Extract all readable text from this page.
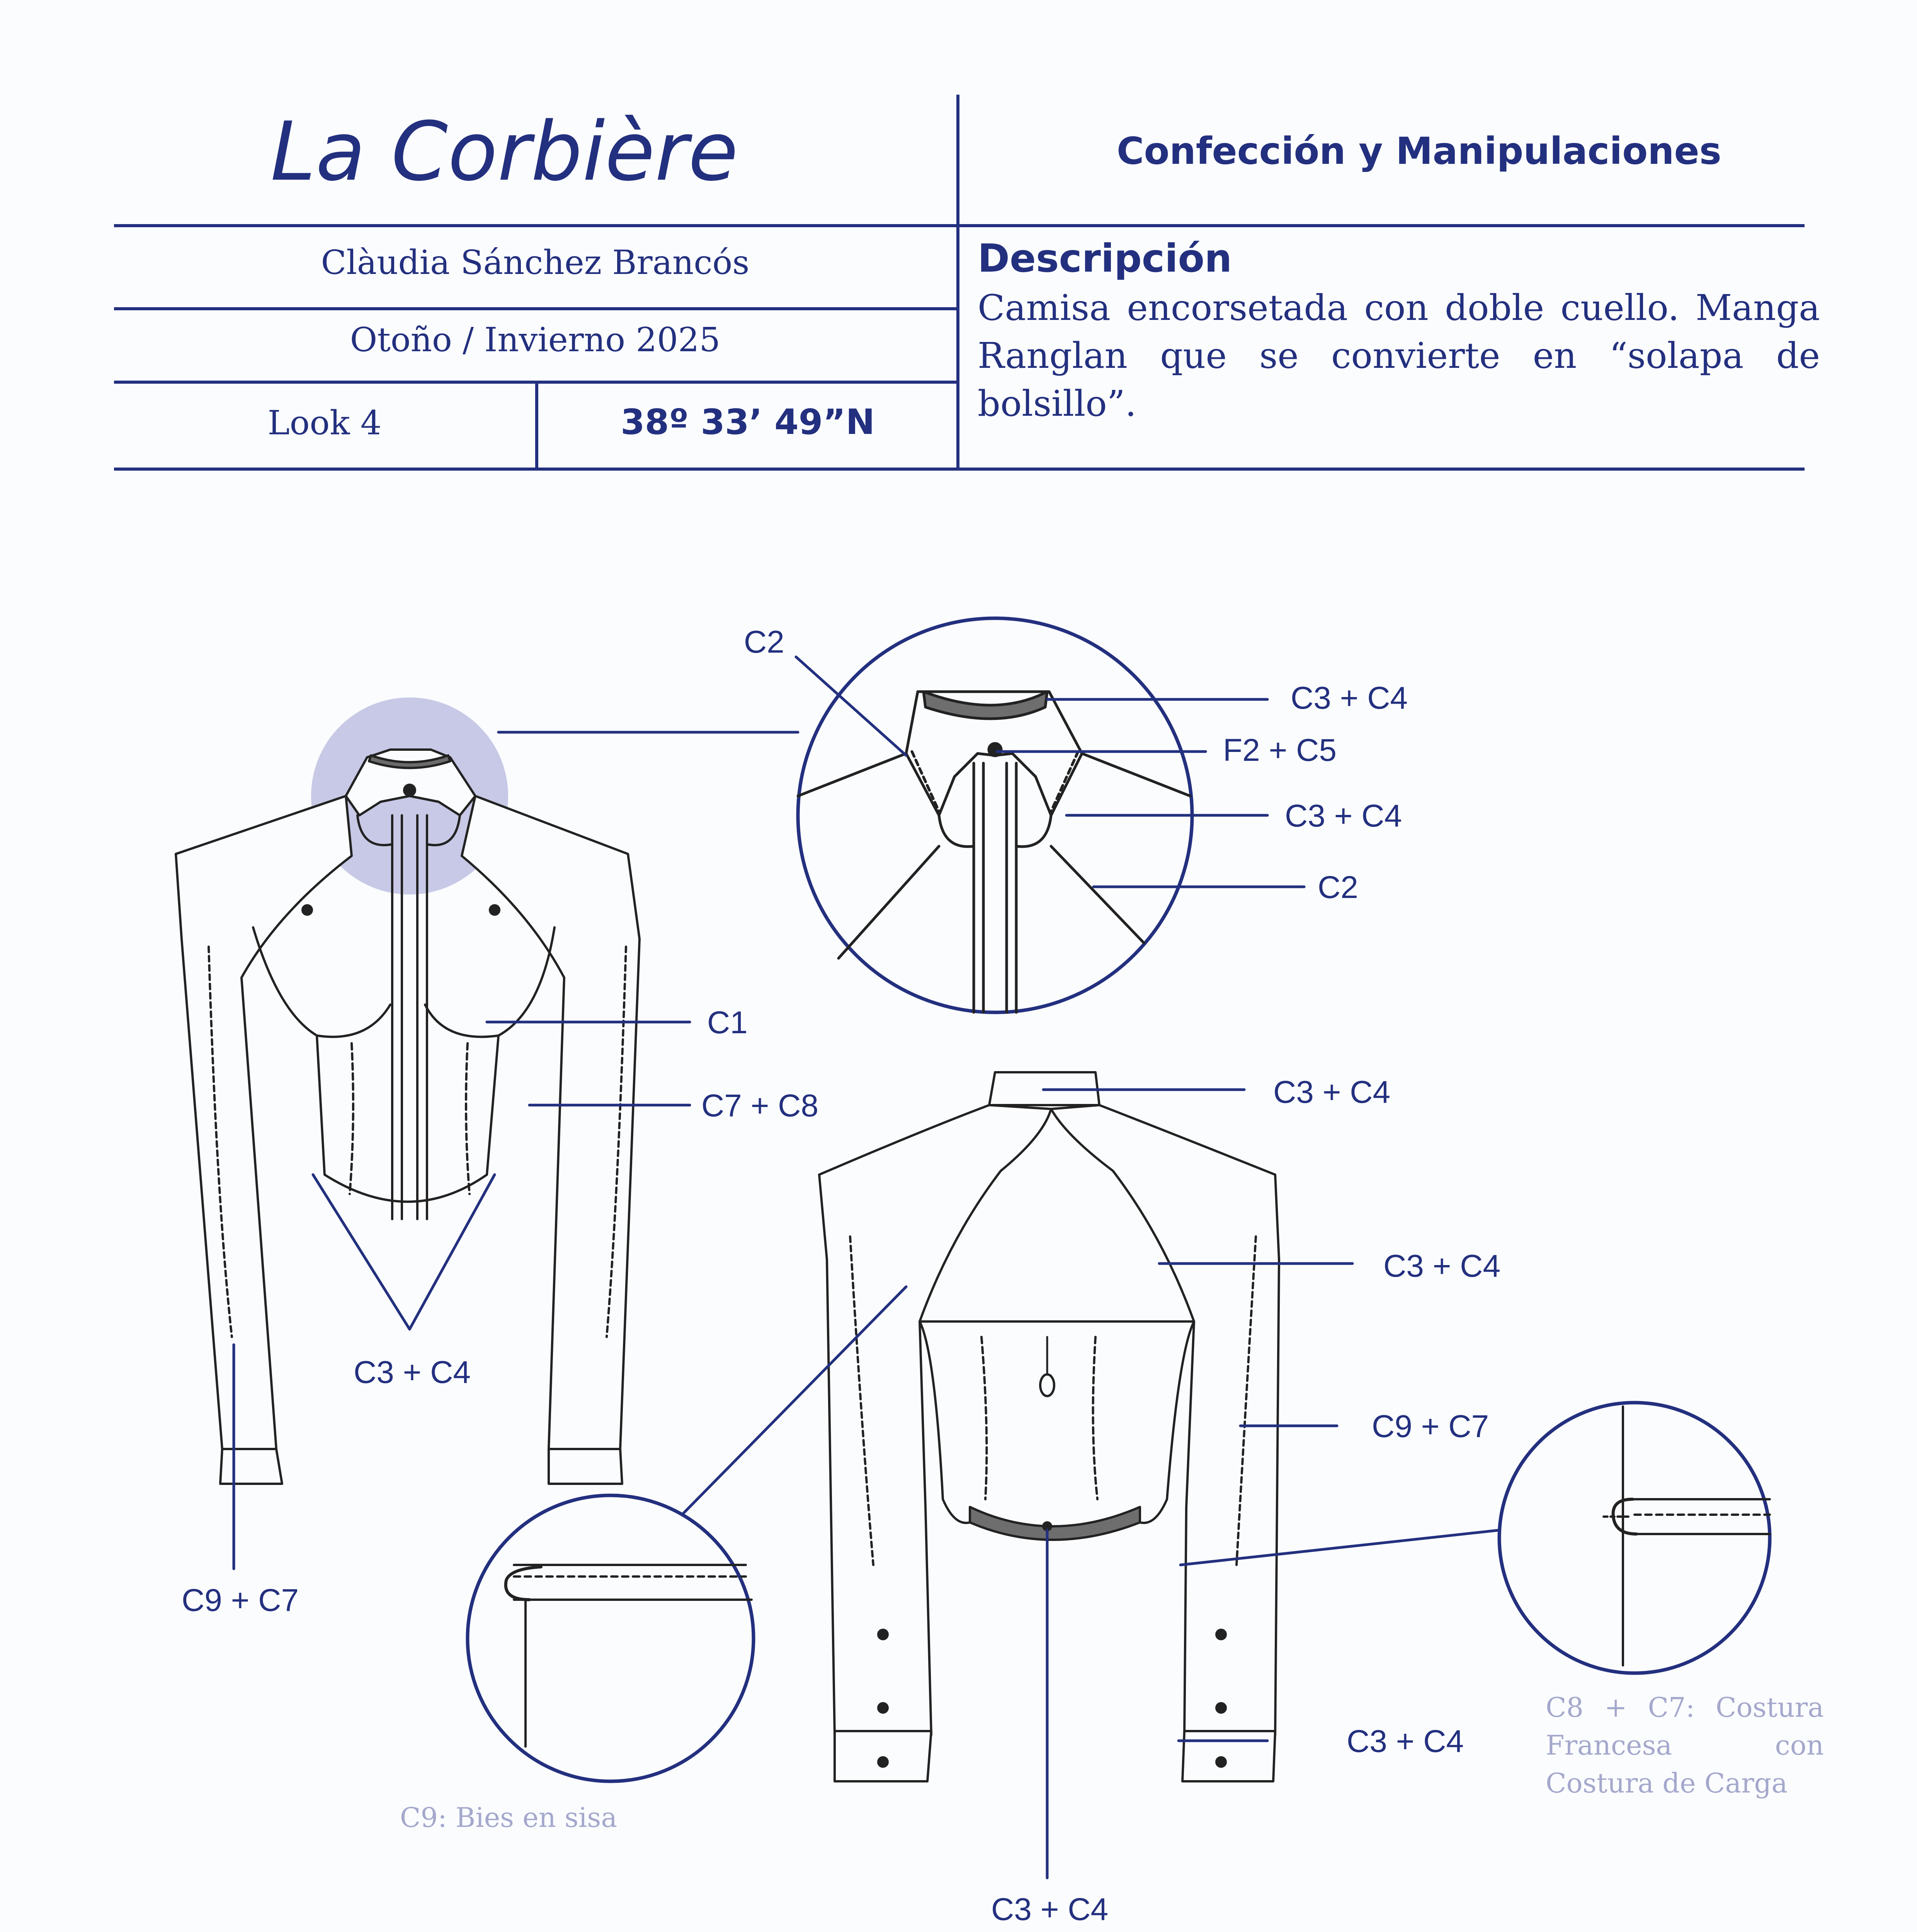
La Corbière	Confección y Manipulaciones
Clàudia Sánchez Brancós
Otoño / Invierno 2025
Look 4	38º 33’ 49”N
Descripción
Camisa encorsetada con doble cuello. Manga Ranglan que se convierte en “solapa de bolsillo”.
C2
C3 + C4
F2 + C5
C3 + C4
C2
C1
C7 + C8
C3 + C4
C9 + C7
C3 + C4
C3 + C4
C9 + C7
C3 + C4
C3 + C4
C9: Bies en sisa
C8 + C7: Costura Francesa con Costura de Carga
